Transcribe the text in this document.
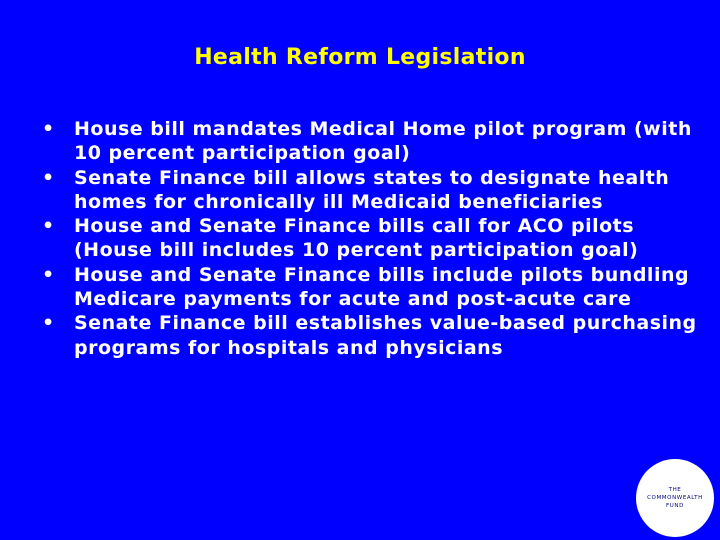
Health Reform Legislation
• House bill mandates Medical Home pilot program (with 10 percent participation goal)
• Senate Finance bill allows states to designate health homes for chronically ill Medicaid beneficiaries
• House and Senate Finance bills call for ACO pilots (House bill includes 10 percent participation goal)
• House and Senate Finance bills include pilots bundling Medicare payments for acute and post-acute care
• Senate Finance bill establishes value-based purchasing programs for hospitals and physicians
THE
COMMONWEALTH
FUND
